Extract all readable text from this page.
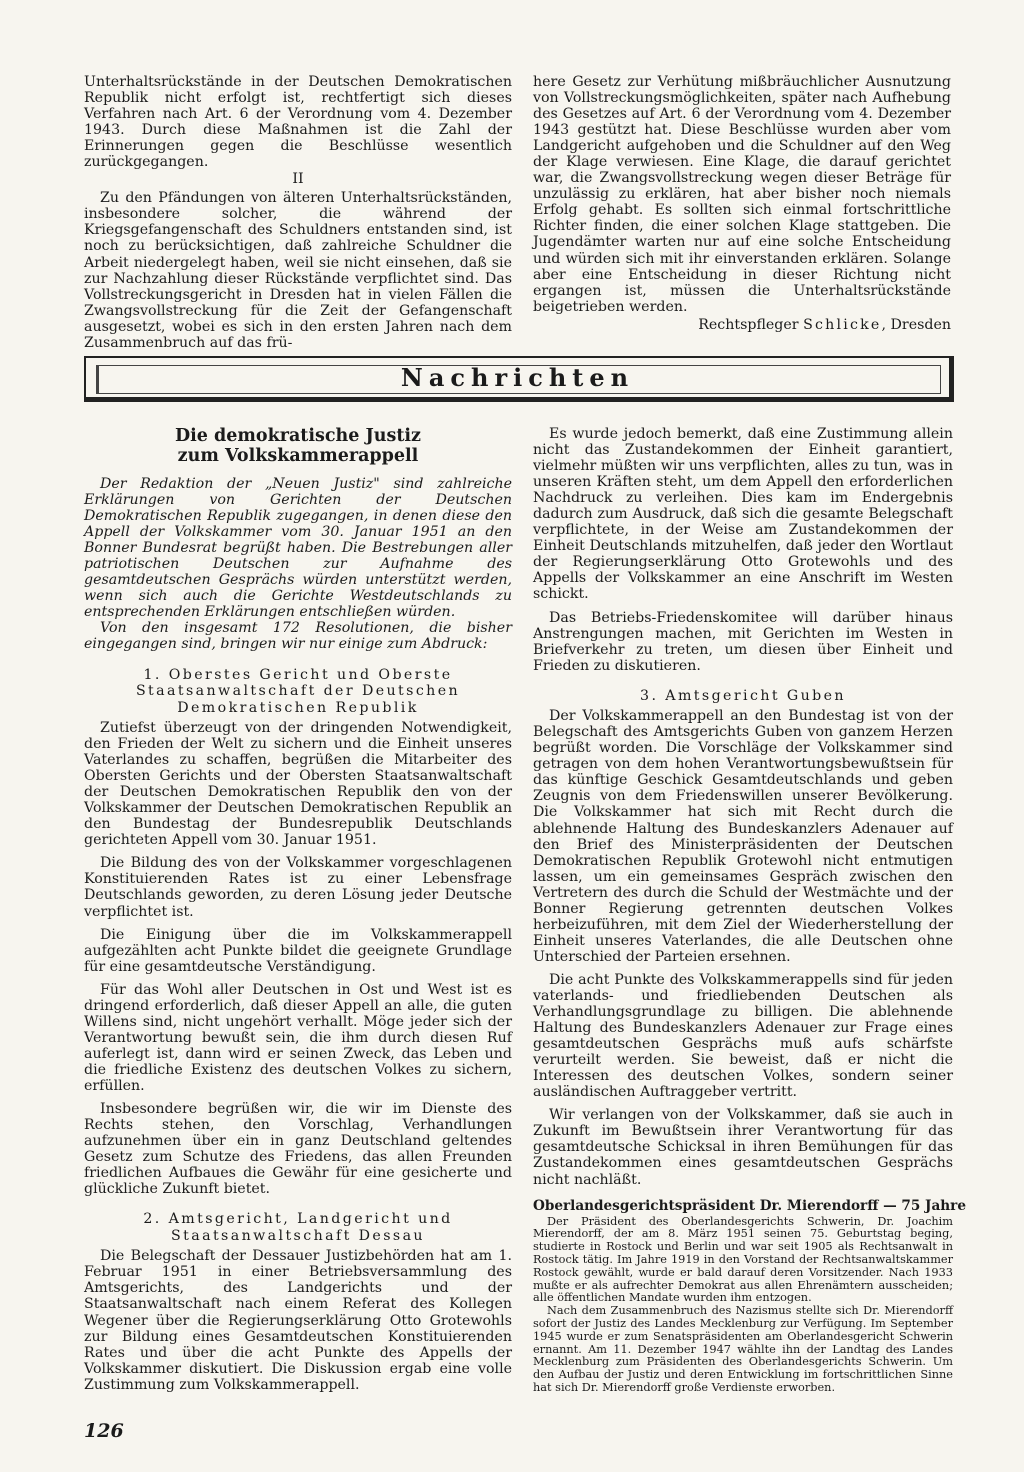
Unterhaltsrückstände in der Deutschen Demokratischen Republik nicht erfolgt ist, rechtfertigt sich dieses Verfahren nach Art. 6 der Verordnung vom 4. Dezember 1943. Durch diese Maßnahmen ist die Zahl der Erinnerungen gegen die Beschlüsse wesentlich zurückgegangen.

II

Zu den Pfändungen von älteren Unterhaltsrückständen, insbesondere solcher, die während der Kriegsgefangenschaft des Schuldners entstanden sind, ist noch zu berücksichtigen, daß zahlreiche Schuldner die Arbeit niedergelegt haben, weil sie nicht einsehen, daß sie zur Nachzahlung dieser Rückstände verpflichtet sind. Das Vollstreckungsgericht in Dresden hat in vielen Fällen die Zwangsvollstreckung für die Zeit der Gefangenschaft ausgesetzt, wobei es sich in den ersten Jahren nach dem Zusammenbruch auf das frü-

here Gesetz zur Verhütung mißbräuchlicher Ausnutzung von Vollstreckungsmöglichkeiten, später nach Aufhebung des Gesetzes auf Art. 6 der Verordnung vom 4. Dezember 1943 gestützt hat. Diese Beschlüsse wurden aber vom Landgericht aufgehoben und die Schuldner auf den Weg der Klage verwiesen. Eine Klage, die darauf gerichtet war, die Zwangsvollstreckung wegen dieser Beträge für unzulässig zu erklären, hat aber bisher noch niemals Erfolg gehabt. Es sollten sich einmal fortschrittliche Richter finden, die einer solchen Klage stattgeben. Die Jugendämter warten nur auf eine solche Entscheidung und würden sich mit ihr einverstanden erklären. Solange aber eine Entscheidung in dieser Richtung nicht ergangen ist, müssen die Unterhaltsrückstände beigetrieben werden.

Rechtspfleger Schlicke, Dresden

Nachrichten

Die demokratische Justiz
zum Volkskammerappell

Der Redaktion der „Neuen Justiz" sind zahlreiche Erklärungen von Gerichten der Deutschen Demokratischen Republik zugegangen, in denen diese den Appell der Volkskammer vom 30. Januar 1951 an den Bonner Bundesrat begrüßt haben. Die Bestrebungen aller patriotischen Deutschen zur Aufnahme des gesamtdeutschen Gesprächs würden unterstützt werden, wenn sich auch die Gerichte Westdeutschlands zu entsprechenden Erklärungen entschließen würden.

Von den insgesamt 172 Resolutionen, die bisher eingegangen sind, bringen wir nur einige zum Abdruck:

1. Oberstes Gericht und Oberste Staatsanwaltschaft der Deutschen Demokratischen Republik

Zutiefst überzeugt von der dringenden Notwendigkeit, den Frieden der Welt zu sichern und die Einheit unseres Vaterlandes zu schaffen, begrüßen die Mitarbeiter des Obersten Gerichts und der Obersten Staatsanwaltschaft der Deutschen Demokratischen Republik den von der Volkskammer der Deutschen Demokratischen Republik an den Bundestag der Bundesrepublik Deutschlands gerichteten Appell vom 30. Januar 1951.

Die Bildung des von der Volkskammer vorgeschlagenen Konstituierenden Rates ist zu einer Lebensfrage Deutschlands geworden, zu deren Lösung jeder Deutsche verpflichtet ist.

Die Einigung über die im Volkskammerappell aufgezählten acht Punkte bildet die geeignete Grundlage für eine gesamtdeutsche Verständigung.

Für das Wohl aller Deutschen in Ost und West ist es dringend erforderlich, daß dieser Appell an alle, die guten Willens sind, nicht ungehört verhallt. Möge jeder sich der Verantwortung bewußt sein, die ihm durch diesen Ruf auferlegt ist, dann wird er seinen Zweck, das Leben und die friedliche Existenz des deutschen Volkes zu sichern, erfüllen.

Insbesondere begrüßen wir, die wir im Dienste des Rechts stehen, den Vorschlag, Verhandlungen aufzunehmen über ein in ganz Deutschland geltendes Gesetz zum Schutze des Friedens, das allen Freunden friedlichen Aufbaues die Gewähr für eine gesicherte und glückliche Zukunft bietet.

2. Amtsgericht, Landgericht und Staatsanwaltschaft Dessau

Die Belegschaft der Dessauer Justizbehörden hat am 1. Februar 1951 in einer Betriebsversammlung des Amtsgerichts, des Landgerichts und der Staatsanwaltschaft nach einem Referat des Kollegen Wegener über die Regierungserklärung Otto Grotewohls zur Bildung eines Gesamtdeutschen Konstituierenden Rates und über die acht Punkte des Appells der Volkskammer diskutiert. Die Diskussion ergab eine volle Zustimmung zum Volkskammerappell.

Es wurde jedoch bemerkt, daß eine Zustimmung allein nicht das Zustandekommen der Einheit garantiert, vielmehr müßten wir uns verpflichten, alles zu tun, was in unseren Kräften steht, um dem Appell den erforderlichen Nachdruck zu verleihen. Dies kam im Endergebnis dadurch zum Ausdruck, daß sich die gesamte Belegschaft verpflichtete, in der Weise am Zustandekommen der Einheit Deutschlands mitzuhelfen, daß jeder den Wortlaut der Regierungserklärung Otto Grotewohls und des Appells der Volkskammer an eine Anschrift im Westen schickt.

Das Betriebs-Friedenskomitee will darüber hinaus Anstrengungen machen, mit Gerichten im Westen in Briefverkehr zu treten, um diesen über Einheit und Frieden zu diskutieren.

3. Amtsgericht Guben

Der Volkskammerappell an den Bundestag ist von der Belegschaft des Amtsgerichts Guben von ganzem Herzen begrüßt worden. Die Vorschläge der Volkskammer sind getragen von dem hohen Verantwortungsbewußtsein für das künftige Geschick Gesamtdeutschlands und geben Zeugnis von dem Friedenswillen unserer Bevölkerung. Die Volkskammer hat sich mit Recht durch die ablehnende Haltung des Bundeskanzlers Adenauer auf den Brief des Ministerpräsidenten der Deutschen Demokratischen Republik Grotewohl nicht entmutigen lassen, um ein gemeinsames Gespräch zwischen den Vertretern des durch die Schuld der Westmächte und der Bonner Regierung getrennten deutschen Volkes herbeizuführen, mit dem Ziel der Wiederherstellung der Einheit unseres Vaterlandes, die alle Deutschen ohne Unterschied der Parteien ersehnen.

Die acht Punkte des Volkskammerappells sind für jeden vaterlands- und friedliebenden Deutschen als Verhandlungsgrundlage zu billigen. Die ablehnende Haltung des Bundeskanzlers Adenauer zur Frage eines gesamtdeutschen Gesprächs muß aufs schärfste verurteilt werden. Sie beweist, daß er nicht die Interessen des deutschen Volkes, sondern seiner ausländischen Auftraggeber vertritt.

Wir verlangen von der Volkskammer, daß sie auch in Zukunft im Bewußtsein ihrer Verantwortung für das gesamtdeutsche Schicksal in ihren Bemühungen für das Zustandekommen eines gesamtdeutschen Gesprächs nicht nachläßt.

Oberlandesgerichtspräsident Dr. Mierendorff — 75 Jahre

Der Präsident des Oberlandesgerichts Schwerin, Dr. Joachim Mierendorff, der am 8. März 1951 seinen 75. Geburtstag beging, studierte in Rostock und Berlin und war seit 1905 als Rechtsanwalt in Rostock tätig. Im Jahre 1919 in den Vorstand der Rechtsanwaltskammer Rostock gewählt, wurde er bald darauf deren Vorsitzender. Nach 1933 mußte er als aufrechter Demokrat aus allen Ehrenämtern ausscheiden; alle öffentlichen Mandate wurden ihm entzogen.

Nach dem Zusammenbruch des Nazismus stellte sich Dr. Mierendorff sofort der Justiz des Landes Mecklenburg zur Verfügung. Im September 1945 wurde er zum Senatspräsidenten am Oberlandesgericht Schwerin ernannt. Am 11. Dezember 1947 wählte ihn der Landtag des Landes Mecklenburg zum Präsidenten des Oberlandesgerichts Schwerin. Um den Aufbau der Justiz und deren Entwicklung im fortschrittlichen Sinne hat sich Dr. Mierendorff große Verdienste erworben.

126
